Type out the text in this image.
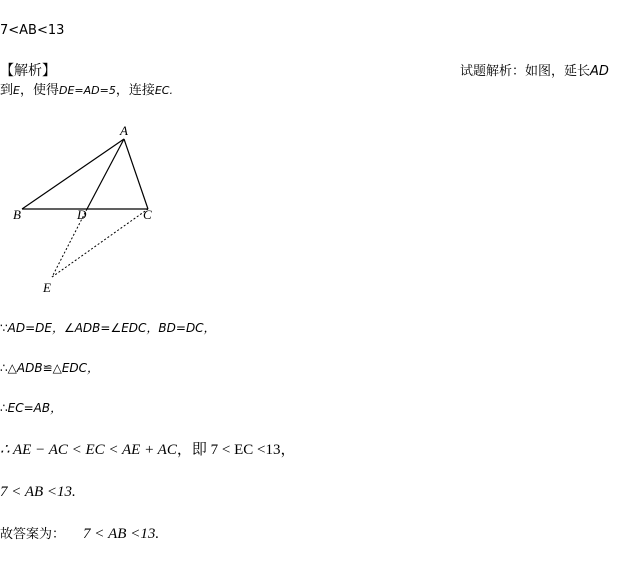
7<AB<13
【解析】	试题解析：如图，延长AD
到E，使得DE=AD=5，连接EC.
A
B	D	C
E
∵AD=DE，∠ADB=∠EDC，BD=DC，
∴△ADB≌△EDC，
∴EC=AB，
∴ AE − AC < EC < AE + AC，即 7 < EC <13，
7 < AB <13.
故答案为： 7 < AB <13.
